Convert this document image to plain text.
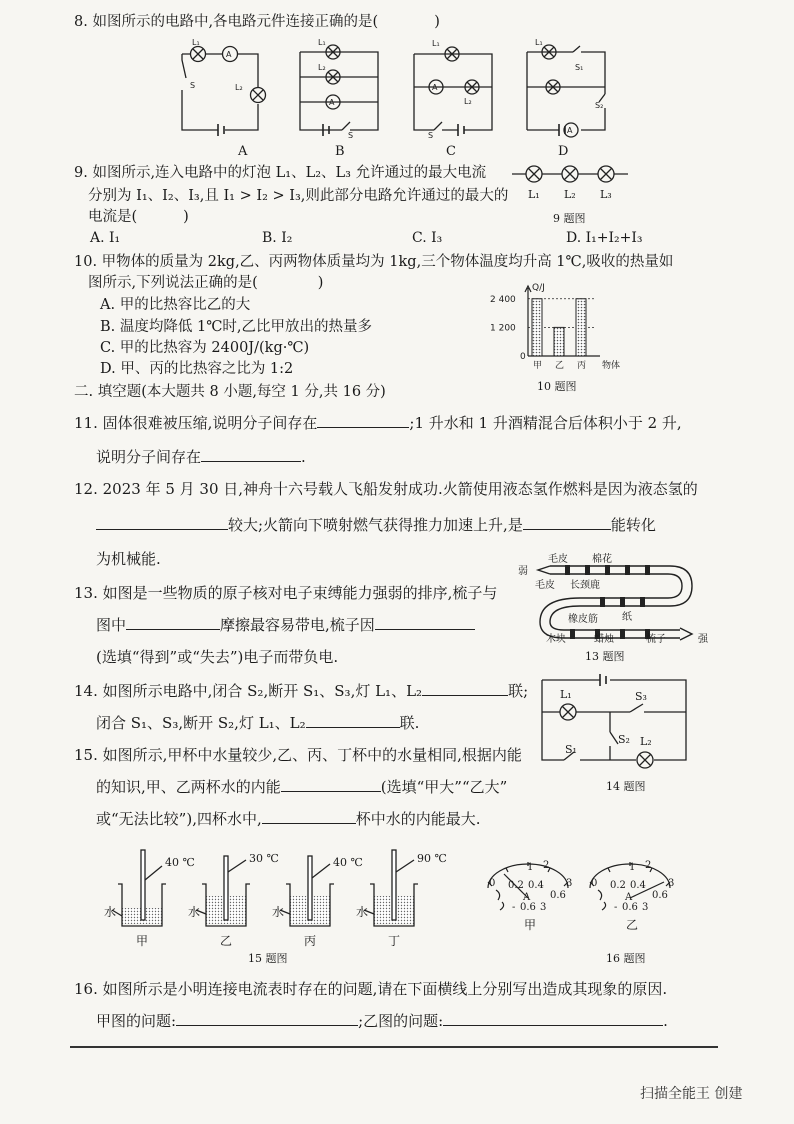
8. 如图所示的电路中,各电路元件连接正确的是(	)
A
L₁
L₂
S
A
L₁
L₂
A
S
B
L₁
A
L₂
S
C
L₁
S₁
A
S₂
D
9. 如图所示,连入电路中的灯泡 L₁、L₂、L₃ 允许通过的最大电流
分别为 I₁、I₂、I₃,且 I₁ > I₂ > I₃,则此部分电路允许通过的最大的
电流是(	)
L₁ L₂ L₃
9 题图
A. I₁	B. I₂	C. I₃	D. I₁+I₂+I₃
10. 甲物体的质量为 2kg,乙、丙两物体质量均为 1kg,三个物体温度均升高 1℃,吸收的热量如
图所示,下列说法正确的是(	)
A. 甲的比热容比乙的大
B. 温度均降低 1℃时,乙比甲放出的热量多
C. 甲的比热容为 2400J/(kg·℃)
D. 甲、丙的比热容之比为 1:2	甲 乙 丙
2 400
1 200
0
Q/J
物体
10 题图
二. 填空题(本大题共 8 小题,每空 1 分,共 16 分)
11. 固体很难被压缩,说明分子间存在	;1 升水和 1 升酒精混合后体积小于 2 升,
说明分子间存在	.
12. 2023 年 5 月 30 日,神舟十六号载人飞船发射成功.火箭使用液态氢作燃料是因为液态氢的
较大;火箭向下喷射燃气获得推力加速上升,是	能转化
为机械能.
13. 如图是一些物质的原子核对电子束缚能力强弱的排序,梳子与
图中	摩擦最容易带电,梳子因
(选填“得到”或“失去”)电子而带负电.
弱
强
毛皮 棉花
毛皮 长颈鹿
橡皮筋 纸
木块	蜡烛	梳子
13 题图
14. 如图所示电路中,闭合 S₂,断开 S₁、S₃,灯 L₁、L₂	联;
闭合 S₁、S₃,断开 S₂,灯 L₁、L₂	联.
L₁	S₃
S₁
S₂ L₂
14 题图
15. 如图所示,甲杯中水量较少,乙、丙、丁杯中的水量相同,根据内能
的知识,甲、乙两杯水的内能	(选填“甲大”“乙大”
或“无法比较”),四杯水中,	杯中水的内能最大.
40 ℃	30 ℃	40 ℃	90 ℃
水	水	水	水
甲	乙	丙	丁
15 题图
1 2
0	3
0.2 0.4
0.6
A
- 0.6 3
甲
1 2
0	3
0.2 0.4
0.6
A
- 0.6 3
乙
16 题图
16. 如图所示是小明连接电流表时存在的问题,请在下面横线上分别写出造成其现象的原因.
甲图的问题:	;乙图的问题:	.
扫描全能王 创建
